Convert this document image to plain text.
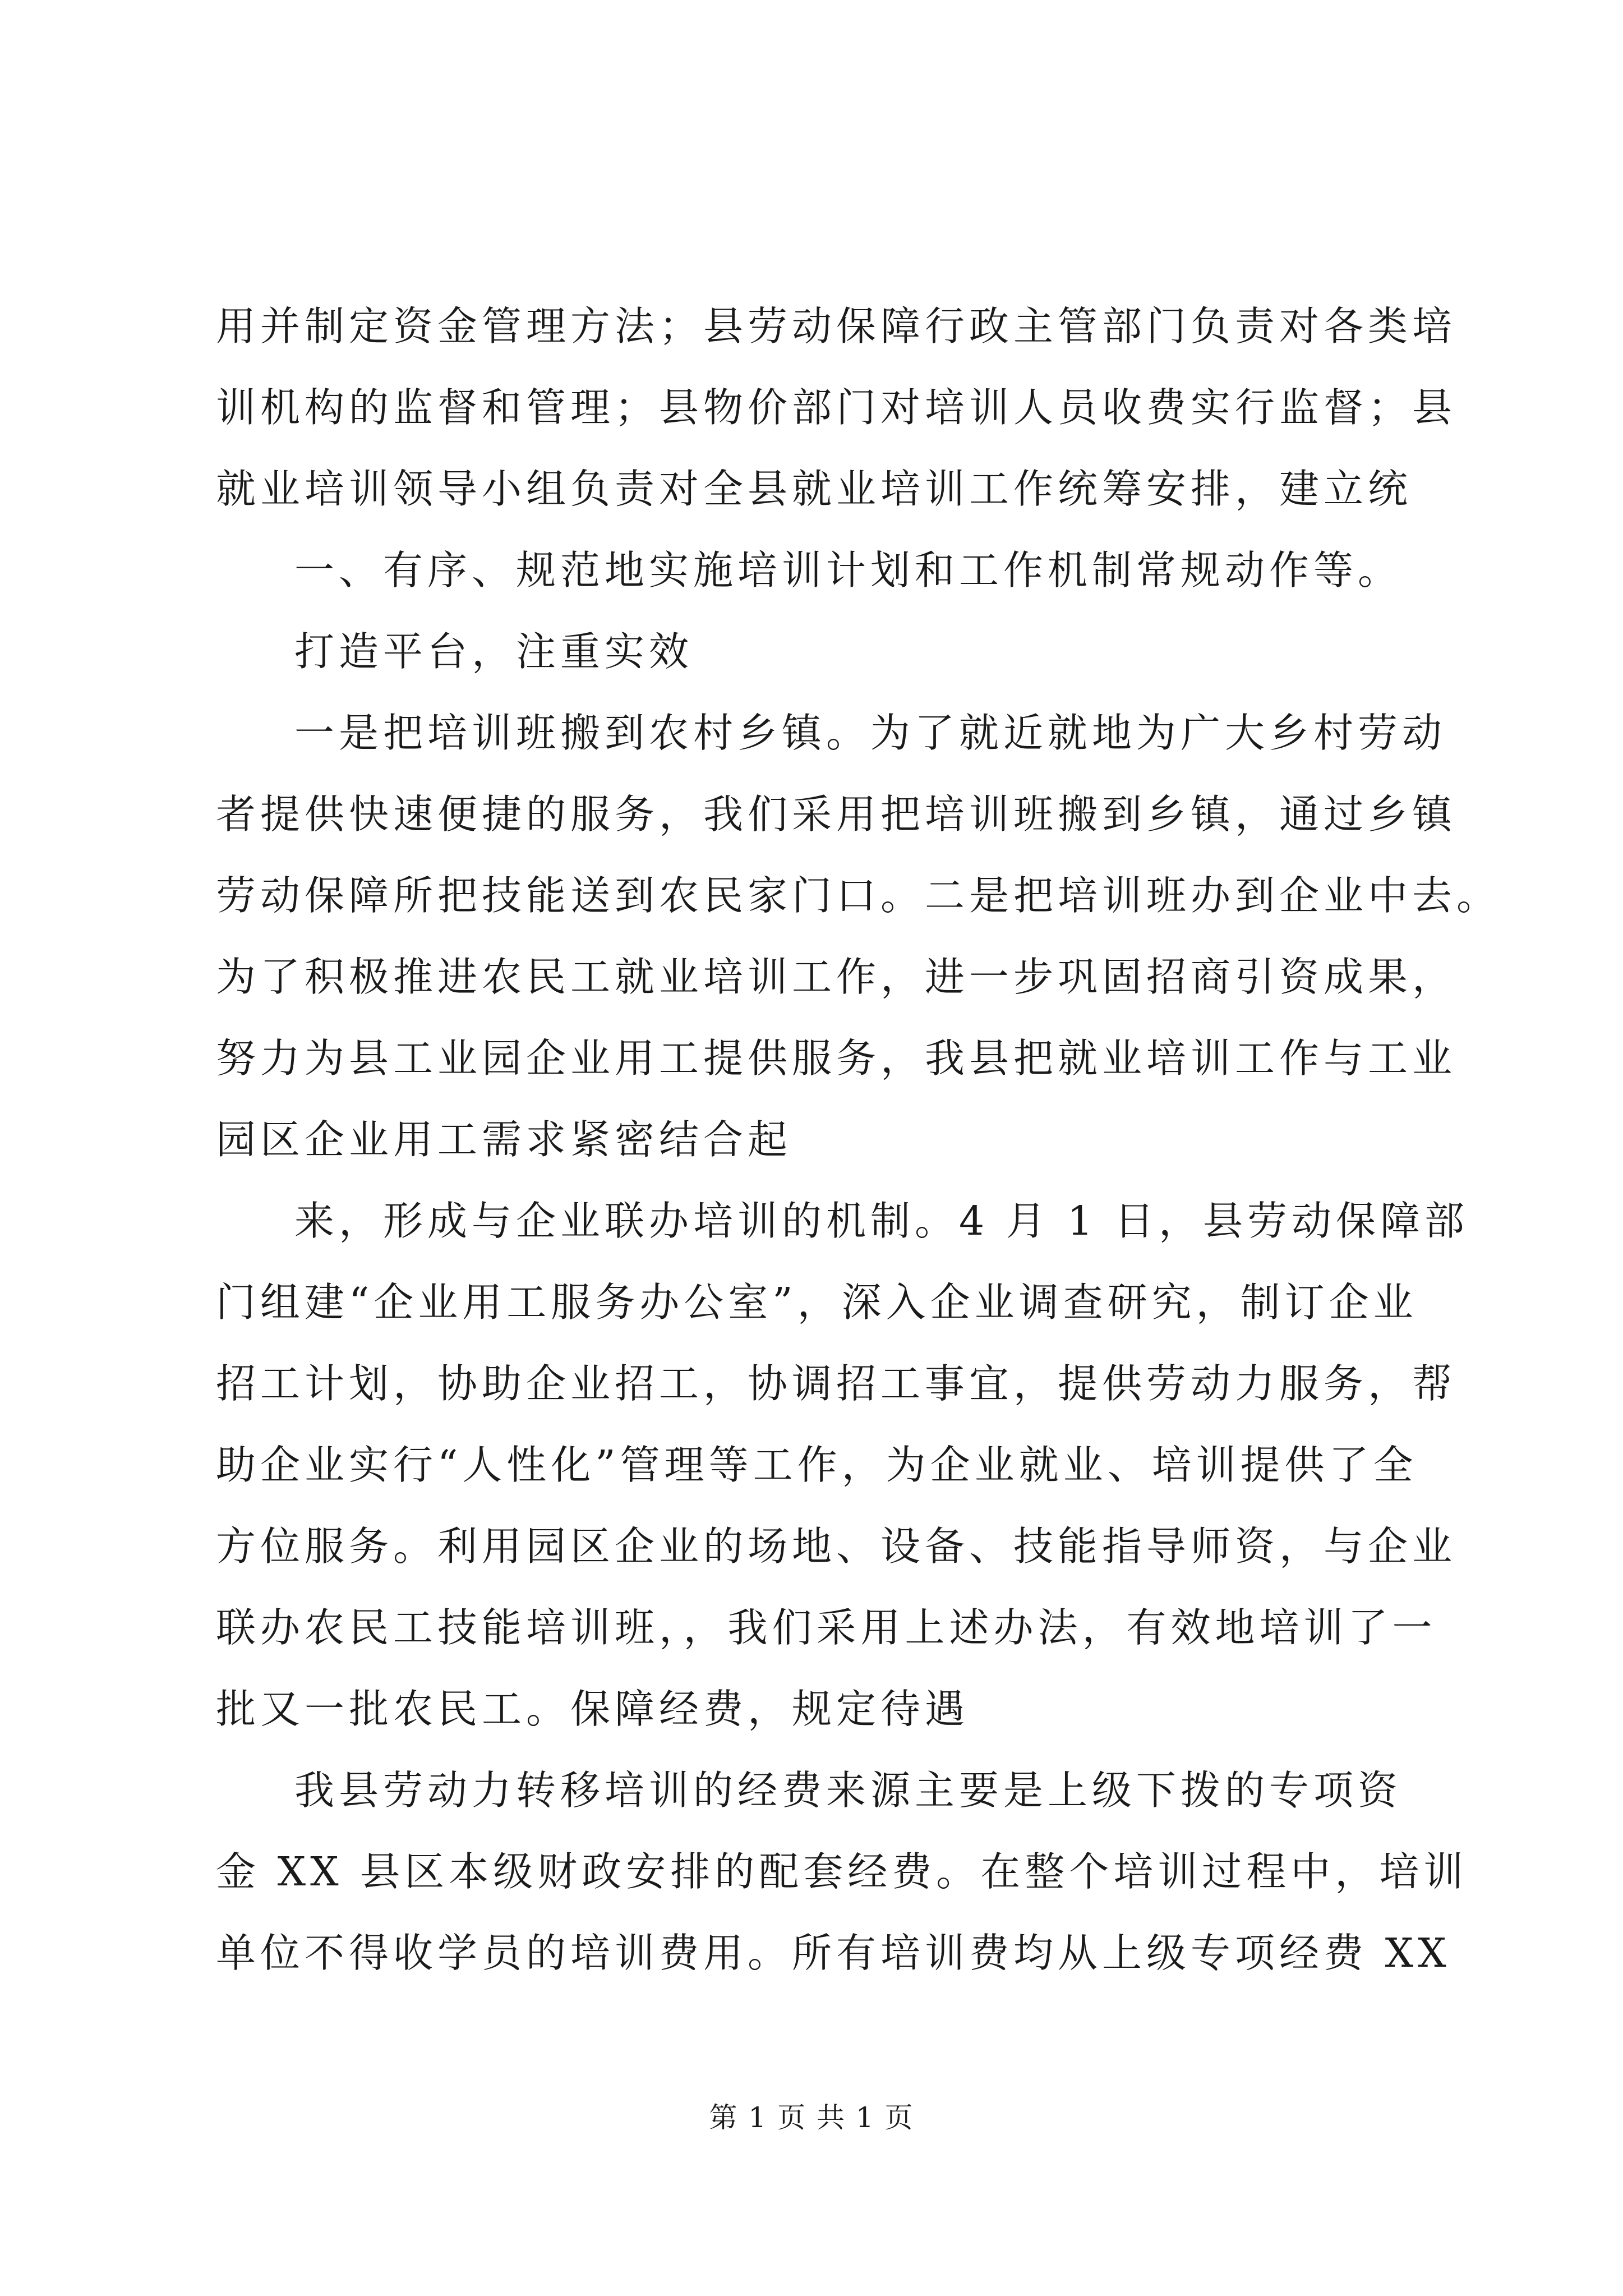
用并制定资金管理方法；县劳动保障行政主管部门负责对各类培
训机构的监督和管理；县物价部门对培训人员收费实行监督；县
就业培训领导小组负责对全县就业培训工作统筹安排，建立统
一、有序、规范地实施培训计划和工作机制常规动作等。
打造平台，注重实效
一是把培训班搬到农村乡镇。为了就近就地为广大乡村劳动
者提供快速便捷的服务，我们采用把培训班搬到乡镇，通过乡镇
劳动保障所把技能送到农民家门口。二是把培训班办到企业中去。
为了积极推进农民工就业培训工作，进一步巩固招商引资成果，
努力为县工业园企业用工提供服务，我县把就业培训工作与工业
园区企业用工需求紧密结合起
来，形成与企业联办培训的机制。4 月 1 日，县劳动保障部
门组建“企业用工服务办公室”，深入企业调查研究，制订企业
招工计划，协助企业招工，协调招工事宜，提供劳动力服务，帮
助企业实行“人性化”管理等工作，为企业就业、培训提供了全
方位服务。利用园区企业的场地、设备、技能指导师资，与企业
联办农民工技能培训班，，我们采用上述办法，有效地培训了一
批又一批农民工。保障经费，规定待遇
我县劳动力转移培训的经费来源主要是上级下拨的专项资
金 XX 县区本级财政安排的配套经费。在整个培训过程中，培训
单位不得收学员的培训费用。所有培训费均从上级专项经费 XX
第 1 页 共 1 页
